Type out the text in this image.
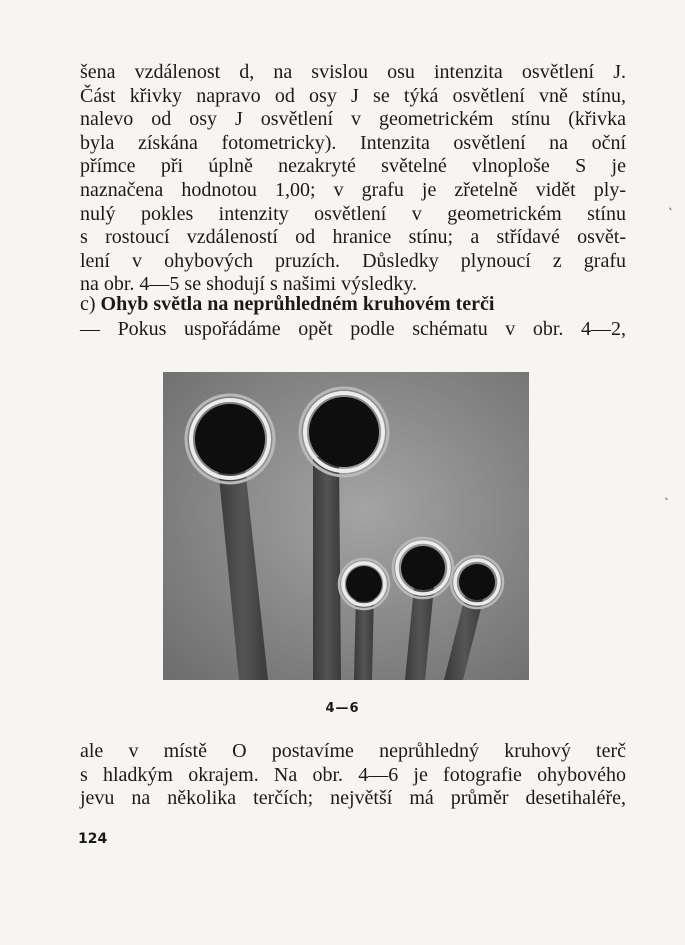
šena vzdálenost d, na svislou osu intenzita osvětlení J.
Část křivky napravo od osy J se týká osvětlení vně stínu,
nalevo od osy J osvětlení v geometrickém stínu (křivka
byla získána fotometricky). Intenzita osvětlení na oční
přímce při úplně nezakryté světelné vlnoploše S je
naznačena hodnotou 1,00; v grafu je zřetelně vidět ply-
nulý pokles intenzity osvětlení v geometrickém stínu
s rostoucí vzdáleností od hranice stínu; a střídavé osvět-
lení v ohybových pruzích. Důsledky plynoucí z grafu
na obr. 4—5 se shodují s našimi výsledky.

c) Ohyb světla na neprůhledném kruhovém terči

— Pokus uspořádáme opět podle schématu v obr. 4—2,

4—6

ale v místě O postavíme neprůhledný kruhový terč
s hladkým okrajem. Na obr. 4—6 je fotografie ohybového
jevu na několika terčích; největší má průměr desetihaléře,

124
ˎ
ˎ
